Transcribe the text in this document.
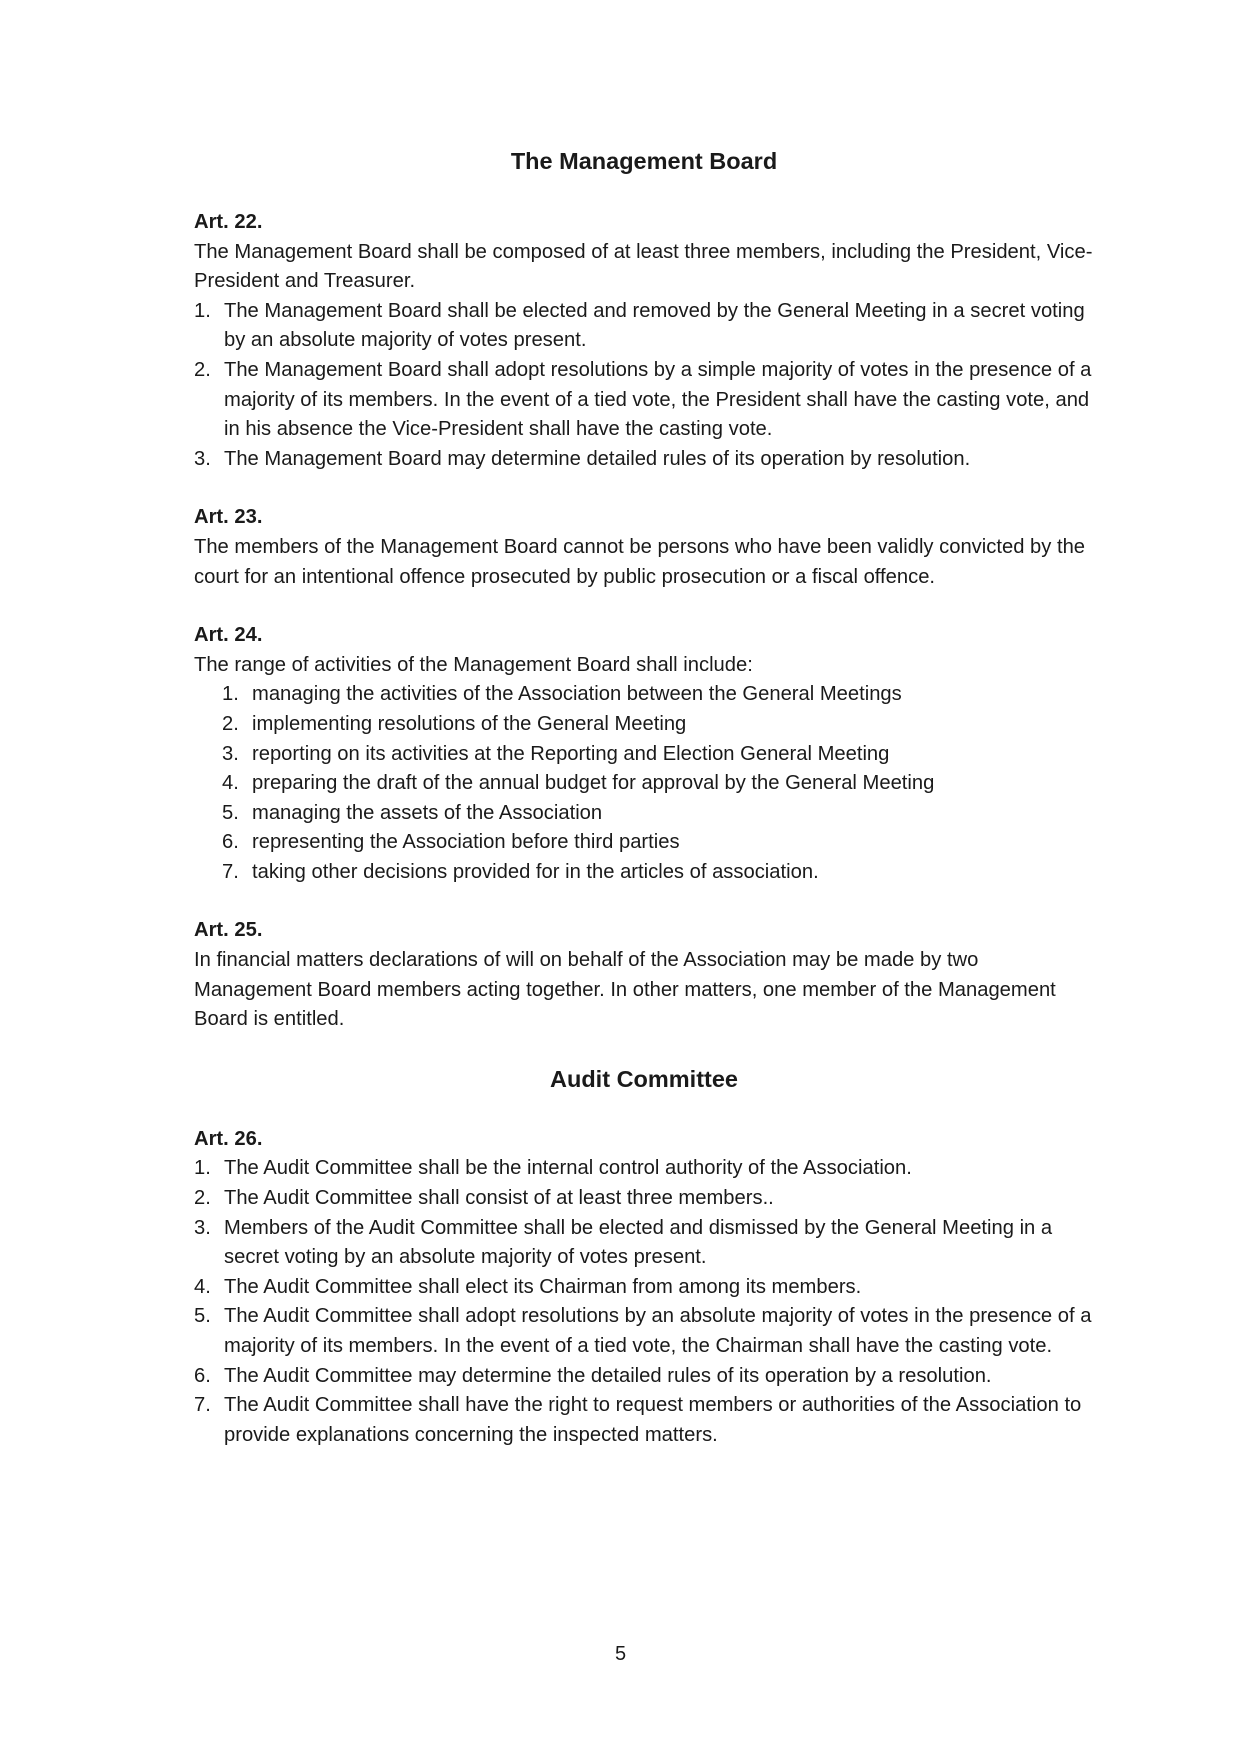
The Management Board

Art. 22.

The Management Board shall be composed of at least three members, including the President, Vice-President and Treasurer.

1. The Management Board shall be elected and removed by the General Meeting in a secret voting by an absolute majority of votes present.
2. The Management Board shall adopt resolutions by a simple majority of votes in the presence of a majority of its members. In the event of a tied vote, the President shall have the casting vote, and in his absence the Vice-President shall have the casting vote.
3. The Management Board may determine detailed rules of its operation by resolution.

Art. 23.

The members of the Management Board cannot be persons who have been validly convicted by the court for an intentional offence prosecuted by public prosecution or a fiscal offence.

Art. 24.

The range of activities of the Management Board shall include:

1. managing the activities of the Association between the General Meetings
2. implementing resolutions of the General Meeting
3. reporting on its activities at the Reporting and Election General Meeting
4. preparing the draft of the annual budget for approval by the General Meeting
5. managing the assets of the Association
6. representing the Association before third parties
7. taking other decisions provided for in the articles of association.

Art. 25.

In financial matters declarations of will on behalf of the Association may be made by two Management Board members acting together. In other matters, one member of the Management Board is entitled.

Audit Committee

Art. 26.

1. The Audit Committee shall be the internal control authority of the Association.
2. The Audit Committee shall consist of at least three members..
3. Members of the Audit Committee shall be elected and dismissed by the General Meeting in a secret voting by an absolute majority of votes present.
4. The Audit Committee shall elect its Chairman from among its members.
5. The Audit Committee shall adopt resolutions by an absolute majority of votes in the presence of a majority of its members. In the event of a tied vote, the Chairman shall have the casting vote.
6. The Audit Committee may determine the detailed rules of its operation by a resolution.
7. The Audit Committee shall have the right to request members or authorities of the Association to provide explanations concerning the inspected matters.
5
